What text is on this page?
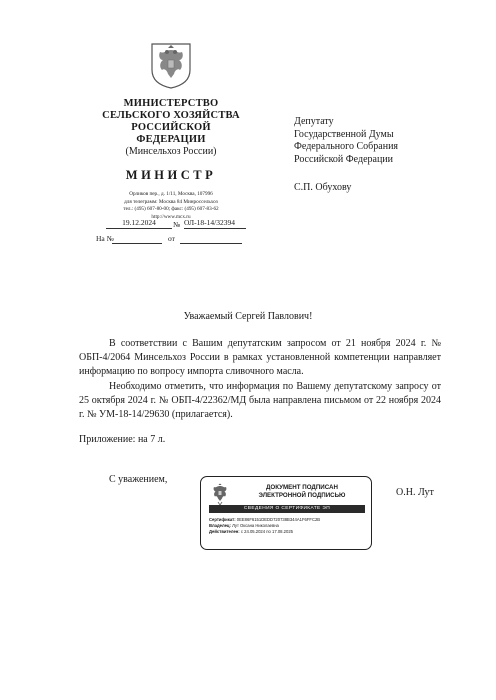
МИНИСТЕРСТВО
СЕЛЬСКОГО ХОЗЯЙСТВА
РОССИЙСКОЙ ФЕДЕРАЦИИ
(Минсельхоз России)
МИНИСТР
Орликов пер., д. 1/11, Москва, 107996
для телеграмм: Москва 84 Минроссельхоз
тел.: (495) 607-80-00; факс: (495) 607-83-62
http://www.mcx.ru
19.12.2024	№ ОЛ-18-14/32394
На №	от
Депутату
Государственной Думы
Федерального Собрания
Российской Федерации
С.П. Обухову
Уважаемый Сергей Павлович!

В соответствии с Вашим депутатским запросом от 21 ноября 2024 г. № ОБП-4/2064 Минсельхоз России в рамках установленной компетенции направляет информацию по вопросу импорта сливочного масла.

Необходимо отметить, что информация по Вашему депутатскому запросу от 25 октября 2024 г. № ОБП-4/22362/МД была направлена письмом от 22 ноября 2024 г. № УМ-18-14/29630 (прилагается).

Приложение: на 7 л.
С уважением,
О.Н. Лут
ДОКУМЕНТ ПОДПИСАН
ЭЛЕКТРОННОЙ ПОДПИСЬЮ
СВЕДЕНИЯ О СЕРТИФИКАТЕ ЭП
Сертификат: 0EE86F6151DEDD720738B344A1F6FFC2B
Владелец: Лут Оксана Николаевна
Действителен: с 24.05.2024 по 17.08.2025
